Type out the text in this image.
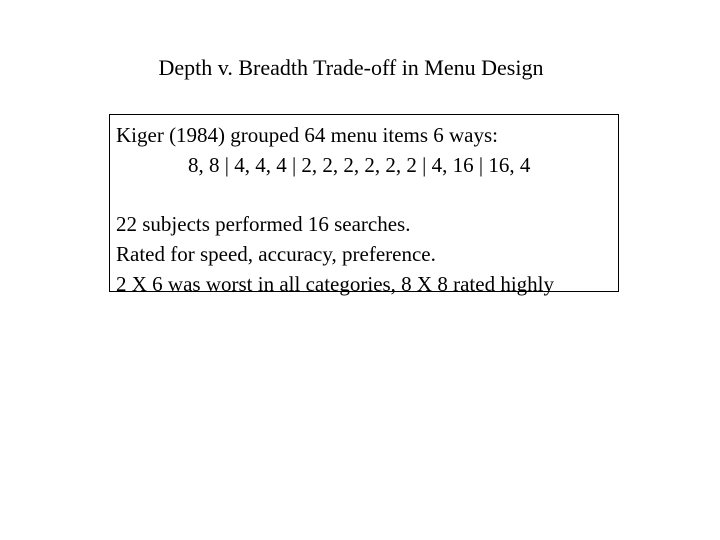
Depth v. Breadth Trade-off in Menu Design
Kiger (1984) grouped 64 menu items 6 ways:
8, 8 | 4, 4, 4 | 2, 2, 2, 2, 2, 2 | 4, 16 | 16, 4
22 subjects performed 16 searches.
Rated for speed, accuracy, preference.
2 X 6 was worst in all categories, 8 X 8 rated highly
